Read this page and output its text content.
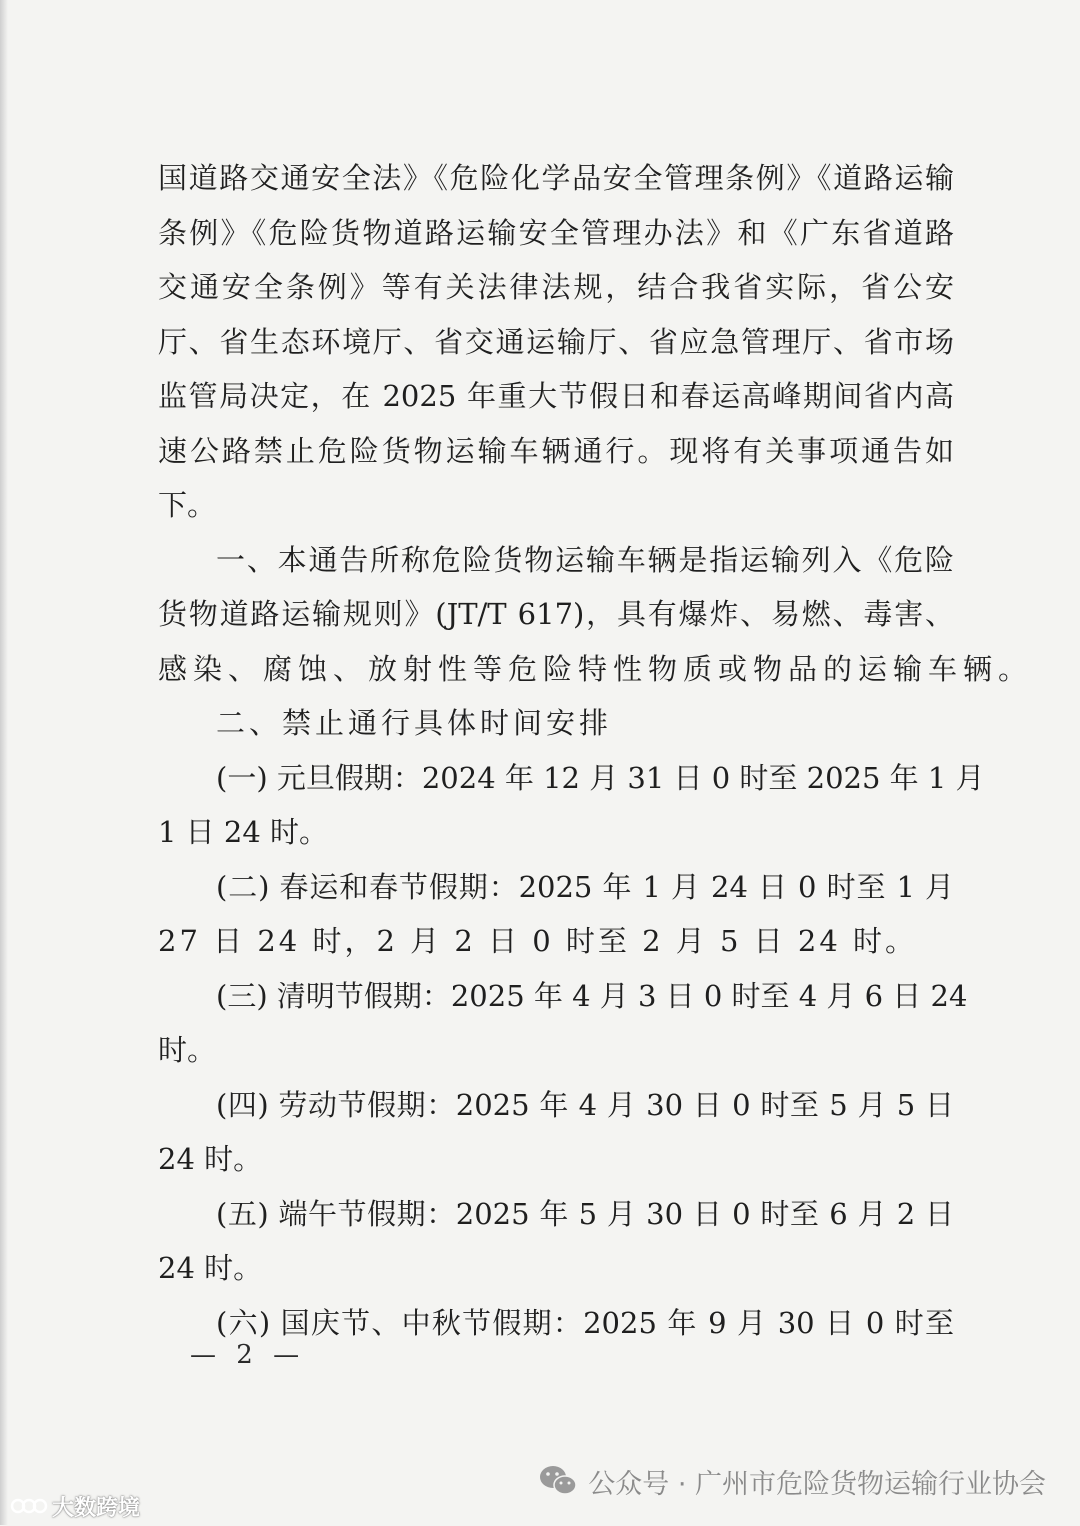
国道路交通安全法》《危险化学品安全管理条例》《道路运输
条例》《危险货物道路运输安全管理办法》和《广东省道路
交通安全条例》等有关法律法规，结合我省实际，省公安
厅、省生态环境厅、省交通运输厅、省应急管理厅、省市场
监管局决定，在 2025 年重大节假日和春运高峰期间省内高
速公路禁止危险货物运输车辆通行。现将有关事项通告如
下。
一、本通告所称危险货物运输车辆是指运输列入《危险
货物道路运输规则》(JT/T 617)，具有爆炸、易燃、毒害、
感染、腐蚀、放射性等危险特性物质或物品的运输车辆。
二、禁止通行具体时间安排
(一) 元旦假期：2024 年 12 月 31 日 0 时至 2025 年 1 月
1 日 24 时。
(二) 春运和春节假期：2025 年 1 月 24 日 0 时至 1 月
27 日 24 时，2 月 2 日 0 时至 2 月 5 日 24 时。
(三) 清明节假期：2025 年 4 月 3 日 0 时至 4 月 6 日 24
时。
(四) 劳动节假期：2025 年 4 月 30 日 0 时至 5 月 5 日
24 时。
(五) 端午节假期：2025 年 5 月 30 日 0 时至 6 月 2 日
24 时。
(六) 国庆节、中秋节假期：2025 年 9 月 30 日 0 时至
— 2 —
大数跨境
公众号 · 广州市危险货物运输行业协会
